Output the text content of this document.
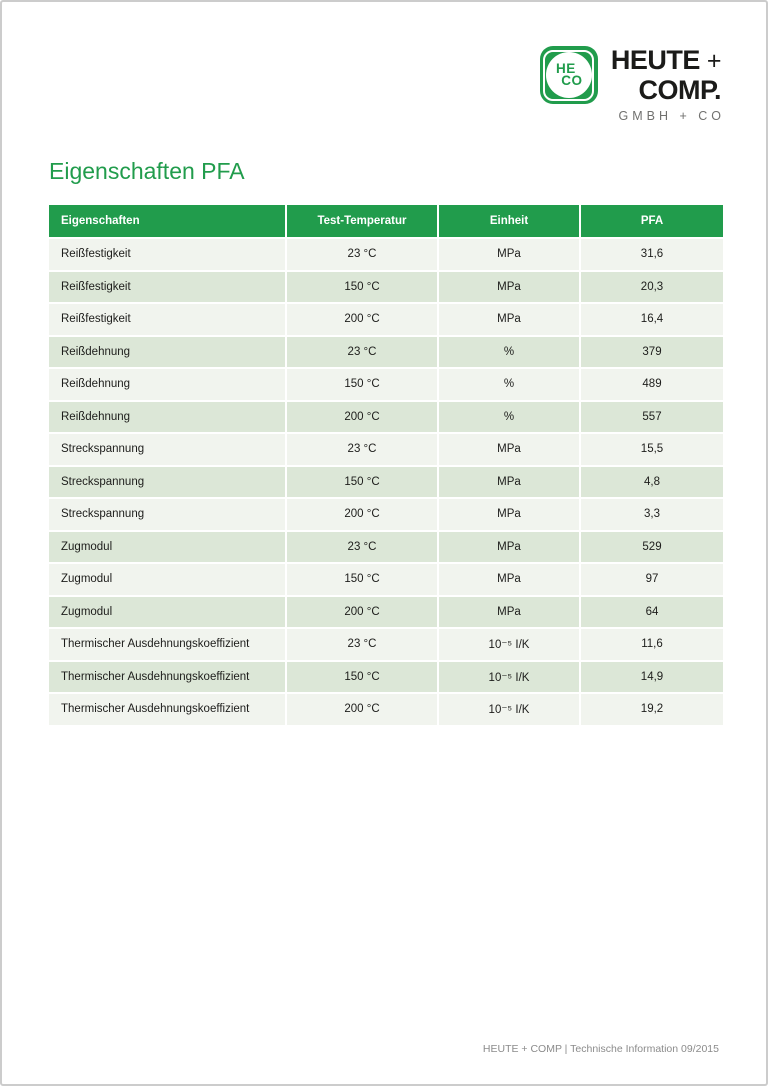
HE
CO
HEUTE +
COMP.
GMBH + CO
Eigenschaften PFA
Eigenschaften	Test-Temperatur	Einheit	PFA
Reißfestigkeit	23 °C	MPa	31,6
Reißfestigkeit	150 °C	MPa	20,3
Reißfestigkeit	200 °C	MPa	16,4
Reißdehnung	23 °C	%	379
Reißdehnung	150 °C	%	489
Reißdehnung	200 °C	%	557
Streckspannung	23 °C	MPa	15,5
Streckspannung	150 °C	MPa	4,8
Streckspannung	200 °C	MPa	3,3
Zugmodul	23 °C	MPa	529
Zugmodul	150 °C	MPa	97
Zugmodul	200 °C	MPa	64
Thermischer Ausdehnungskoeffizient	23 °C	10⁻⁵ I/K	11,6
Thermischer Ausdehnungskoeffizient	150 °C	10⁻⁵ I/K	14,9
Thermischer Ausdehnungskoeffizient	200 °C	10⁻⁵ I/K	19,2
HEUTE + COMP | Technische Information 09/2015
